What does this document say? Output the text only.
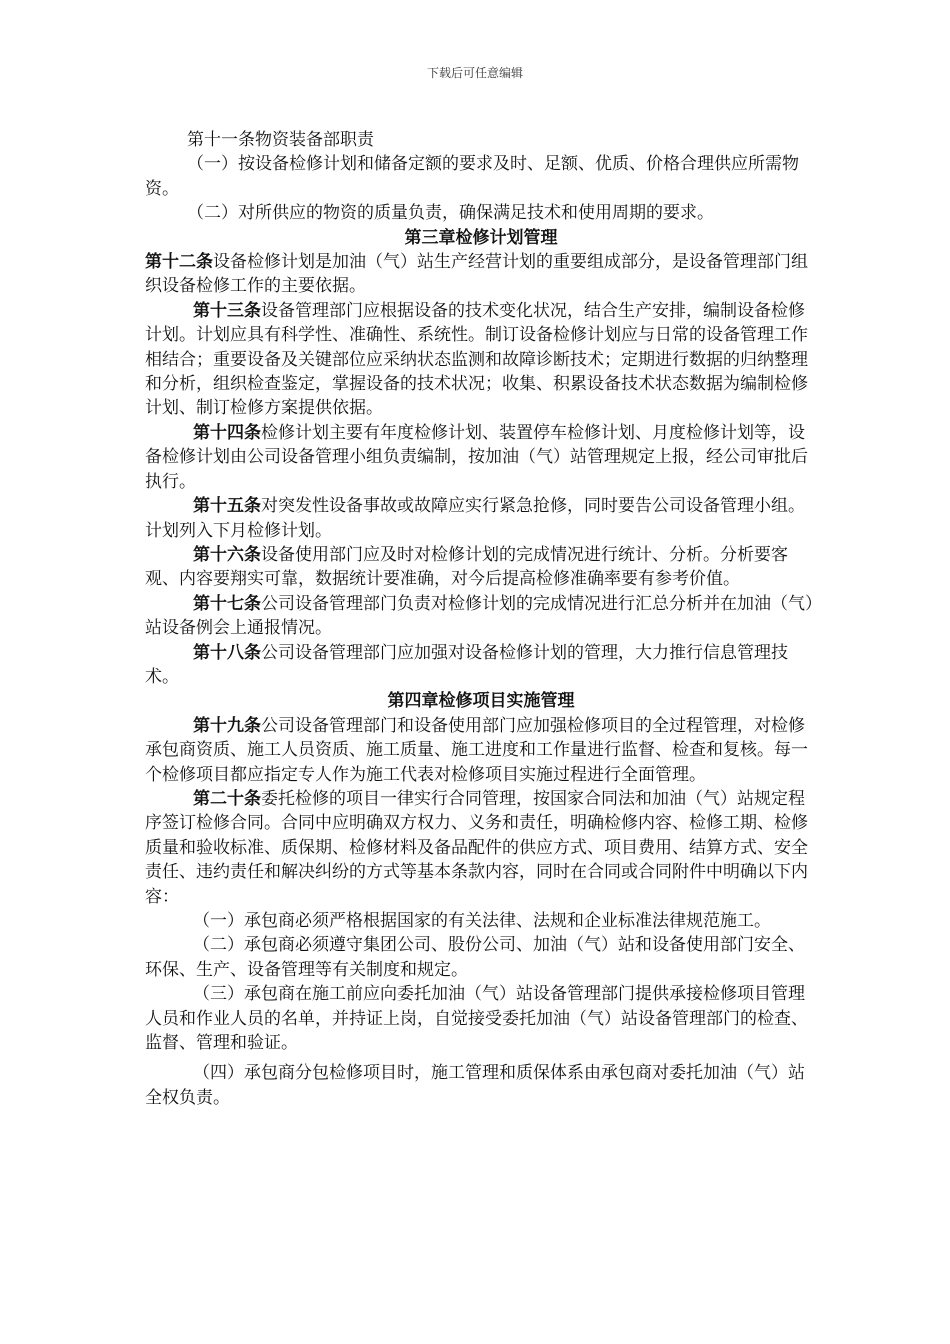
下载后可任意编辑

第十一条物资装备部职责

（一）按设备检修计划和储备定额的要求及时、足额、优质、价格合理供应所需物资。

（二）对所供应的物资的质量负责，确保满足技术和使用周期的要求。

第三章检修计划管理

第十二条设备检修计划是加油（气）站生产经营计划的重要组成部分，是设备管理部门组织设备检修工作的主要依据。

第十三条设备管理部门应根据设备的技术变化状况，结合生产安排，编制设备检修计划。计划应具有科学性、准确性、系统性。制订设备检修计划应与日常的设备管理工作相结合；重要设备及关键部位应采纳状态监测和故障诊断技术；定期进行数据的归纳整理和分析，组织检查鉴定，掌握设备的技术状况；收集、积累设备技术状态数据为编制检修计划、制订检修方案提供依据。

第十四条检修计划主要有年度检修计划、装置停车检修计划、月度检修计划等，设备检修计划由公司设备管理小组负责编制，按加油（气）站管理规定上报，经公司审批后执行。

第十五条对突发性设备事故或故障应实行紧急抢修，同时要告公司设备管理小组。计划列入下月检修计划。

第十六条设备使用部门应及时对检修计划的完成情况进行统计、分析。分析要客观、内容要翔实可靠，数据统计要准确，对今后提高检修准确率要有参考价值。

第十七条公司设备管理部门负责对检修计划的完成情况进行汇总分析并在加油（气）站设备例会上通报情况。

第十八条公司设备管理部门应加强对设备检修计划的管理，大力推行信息管理技术。

第四章检修项目实施管理

第十九条公司设备管理部门和设备使用部门应加强检修项目的全过程管理，对检修承包商资质、施工人员资质、施工质量、施工进度和工作量进行监督、检查和复核。每一个检修项目都应指定专人作为施工代表对检修项目实施过程进行全面管理。

第二十条委托检修的项目一律实行合同管理，按国家合同法和加油（气）站规定程序签订检修合同。合同中应明确双方权力、义务和责任，明确检修内容、检修工期、检修质量和验收标准、质保期、检修材料及备品配件的供应方式、项目费用、结算方式、安全责任、违约责任和解决纠纷的方式等基本条款内容，同时在合同或合同附件中明确以下内容：

（一）承包商必须严格根据国家的有关法律、法规和企业标准法律规范施工。

（二）承包商必须遵守集团公司、股份公司、加油（气）站和设备使用部门安全、环保、生产、设备管理等有关制度和规定。

（三）承包商在施工前应向委托加油（气）站设备管理部门提供承接检修项目管理人员和作业人员的名单，并持证上岗，自觉接受委托加油（气）站设备管理部门的检查、监督、管理和验证。

（四）承包商分包检修项目时，施工管理和质保体系由承包商对委托加油（气）站全权负责。
